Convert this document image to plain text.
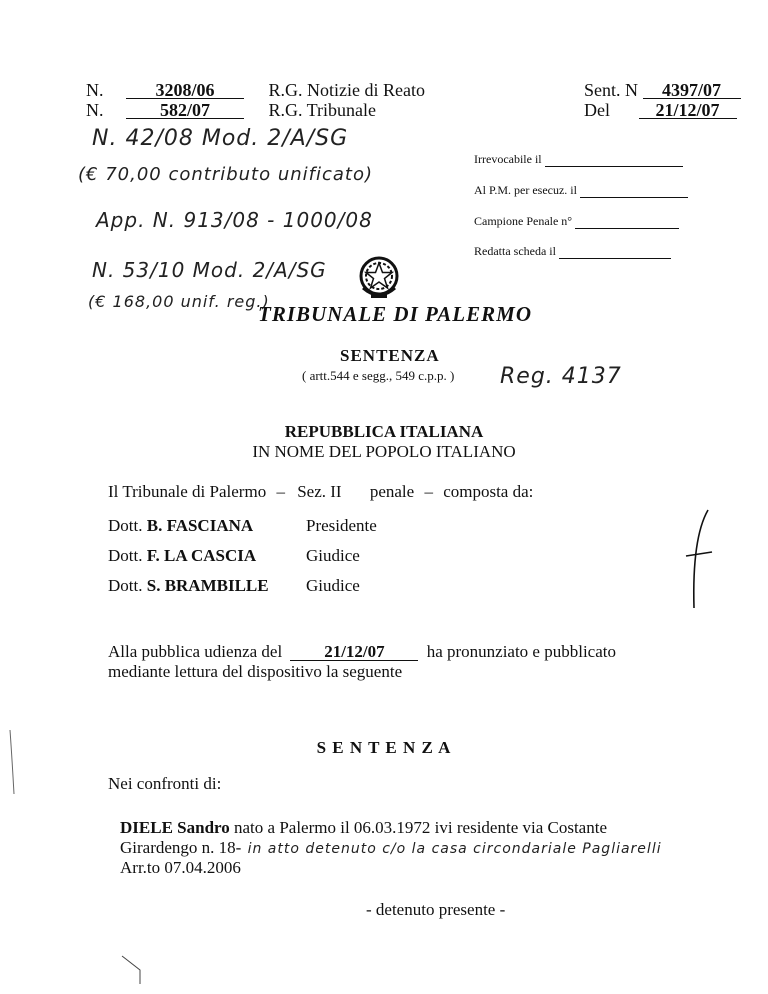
N.	3208/06	R.G. Notizie di Reato
N.	582/07	R.G. Tribunale
Sent. N 4397/07
Del	21/12/07
N. 42/08 Mod. 2/A/SG
(€ 70,00 contributo unificato)
App. N. 913/08 - 1000/08
N. 53/10 Mod. 2/A/SG
(€ 168,00 unif. reg.)
Reg. 4137
Irrevocabile il
Al P.M. per esecuz. il
Campione Penale n°
Redatta scheda il
TRIBUNALE DI PALERMO
SENTENZA
( artt.544 e segg., 549 c.p.p. )
REPUBBLICA ITALIANA
IN NOME DEL POPOLO ITALIANO
Il Tribunale di Palermo – Sez. II penale – composta da:
Dott. B. FASCIANA	Presidente
Dott. F. LA CASCIA	Giudice
Dott. S. BRAMBILLE Giudice
Alla pubblica udienza del 21/12/07 ha pronunziato e pubblicato
mediante lettura del dispositivo la seguente
S E N T E N Z A
Nei confronti di:
DIELE Sandro nato a Palermo il 06.03.1972 ivi residente via Costante
Girardengo n. 18- in atto detenuto c/o la casa circondariale Pagliarelli
Arr.to 07.04.2006
- detenuto presente -
